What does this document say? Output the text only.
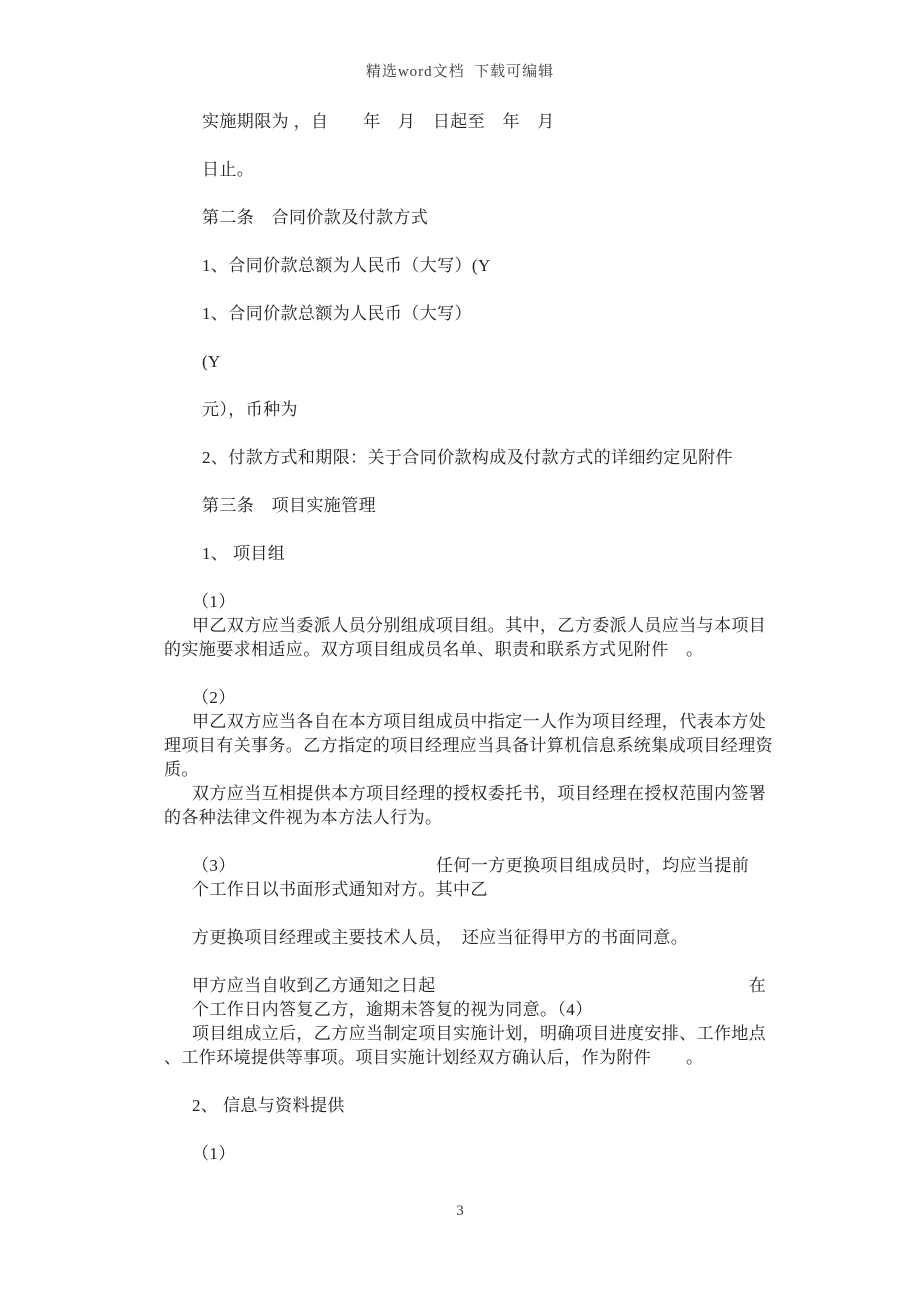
精选word文档  下载可编辑
实施期限为 ，自　　年　月　日起至　年　月
日止。
第二条　合同价款及付款方式
1、合同价款总额为人民币（大写）(Y
1、合同价款总额为人民币（大写）
(Y
元），币种为
2、付款方式和期限：关于合同价款构成及付款方式的详细约定见附件
第三条　项目实施管理
1、 项目组
（1）
甲乙双方应当委派人员分别组成项目组。其中，乙方委派人员应当与本项目
的实施要求相适应。双方项目组成员名单、职责和联系方式见附件　。
（2）
甲乙双方应当各自在本方项目组成员中指定一人作为项目经理，代表本方处
理项目有关事务。乙方指定的项目经理应当具备计算机信息系统集成项目经理资
质。
双方应当互相提供本方项目经理的授权委托书，项目经理在授权范围内签署
的各种法律文件视为本方法人行为。
（3）　　　　　　　　　　　　任何一方更换项目组成员时，均应当提前
个工作日以书面形式通知对方。其中乙
方更换项目经理或主要技术人员，　还应当征得甲方的书面同意。
甲方应当自收到乙方通知之日起　　　　　　　　　　　　　　　　　　在
个工作日内答复乙方，逾期未答复的视为同意。（4）
项目组成立后，乙方应当制定项目实施计划，明确项目进度安排、工作地点
、工作环境提供等事项。项目实施计划经双方确认后，作为附件　　。
2、 信息与资料提供
（1）
3
